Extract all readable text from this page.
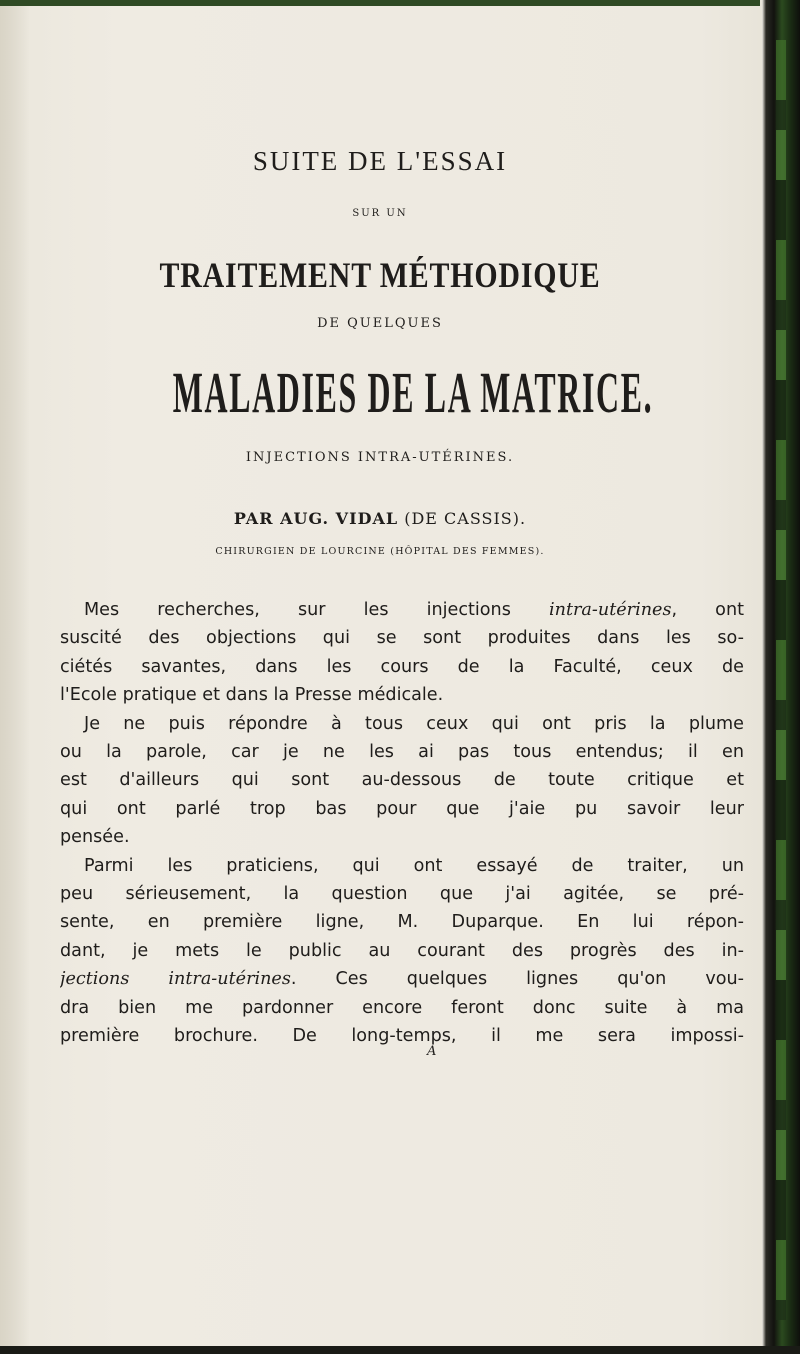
SUITE DE L'ESSAI
SUR UN
TRAITEMENT MÉTHODIQUE
DE QUELQUES
MALADIES DE LA MATRICE.
INJECTIONS INTRA-UTÉRINES.
PAR AUG. VIDAL (DE CASSIS).
CHIRURGIEN DE LOURCINE (HÔPITAL DES FEMMES).
Mes recherches, sur les injections intra-utérines, ont
suscité des objections qui se sont produites dans les so-
ciétés savantes, dans les cours de la Faculté, ceux de
l'Ecole pratique et dans la Presse médicale.
Je ne puis répondre à tous ceux qui ont pris la plume
ou la parole, car je ne les ai pas tous entendus; il en
est d'ailleurs qui sont au-dessous de toute critique et
qui ont parlé trop bas pour que j'aie pu savoir leur
pensée.
Parmi les praticiens, qui ont essayé de traiter, un
peu sérieusement, la question que j'ai agitée, se pré-
sente, en première ligne, M. Duparque. En lui répon-
dant, je mets le public au courant des progrès des in-
jections intra-utérines. Ces quelques lignes qu'on vou-
dra bien me pardonner encore feront donc suite à ma
première brochure. De long-temps, il me sera impossi-
A
